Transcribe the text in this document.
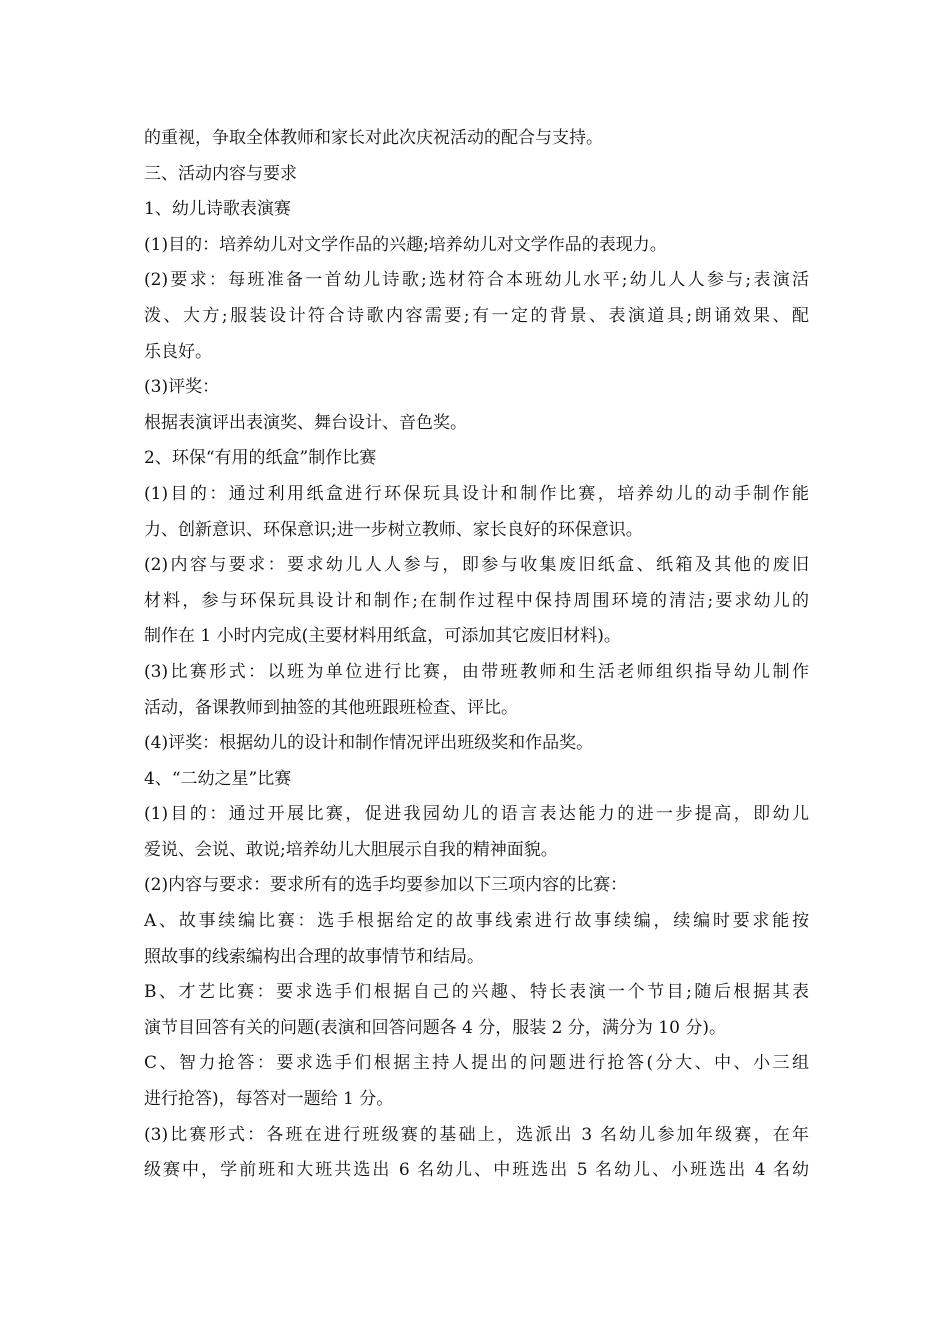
的重视，争取全体教师和家长对此次庆祝活动的配合与支持。
三、活动内容与要求
1、幼儿诗歌表演赛
(1)目的：培养幼儿对文学作品的兴趣;培养幼儿对文学作品的表现力。
(2)要求：每班准备一首幼儿诗歌;选材符合本班幼儿水平;幼儿人人参与;表演活
泼、大方;服装设计符合诗歌内容需要;有一定的背景、表演道具;朗诵效果、配
乐良好。
(3)评奖：
根据表演评出表演奖、舞台设计、音色奖。
2、环保“有用的纸盒”制作比赛
(1)目的：通过利用纸盒进行环保玩具设计和制作比赛，培养幼儿的动手制作能
力、创新意识、环保意识;进一步树立教师、家长良好的环保意识。
(2)内容与要求：要求幼儿人人参与，即参与收集废旧纸盒、纸箱及其他的废旧
材料，参与环保玩具设计和制作;在制作过程中保持周围环境的清洁;要求幼儿的
制作在 1 小时内完成(主要材料用纸盒，可添加其它废旧材料)。
(3)比赛形式：以班为单位进行比赛，由带班教师和生活老师组织指导幼儿制作
活动，备课教师到抽签的其他班跟班检查、评比。
(4)评奖：根据幼儿的设计和制作情况评出班级奖和作品奖。
4、“二幼之星”比赛
(1)目的：通过开展比赛，促进我园幼儿的语言表达能力的进一步提高，即幼儿
爱说、会说、敢说;培养幼儿大胆展示自我的精神面貌。
(2)内容与要求：要求所有的选手均要参加以下三项内容的比赛：
A、故事续编比赛：选手根据给定的故事线索进行故事续编，续编时要求能按
照故事的线索编构出合理的故事情节和结局。
B、才艺比赛：要求选手们根据自己的兴趣、特长表演一个节目;随后根据其表
演节目回答有关的问题(表演和回答问题各 4 分，服装 2 分，满分为 10 分)。
C、智力抢答：要求选手们根据主持人提出的问题进行抢答(分大、中、小三组
进行抢答)，每答对一题给 1 分。
(3)比赛形式：各班在进行班级赛的基础上，选派出 3 名幼儿参加年级赛，在年
级赛中，学前班和大班共选出 6 名幼儿、中班选出 5 名幼儿、小班选出 4 名幼
